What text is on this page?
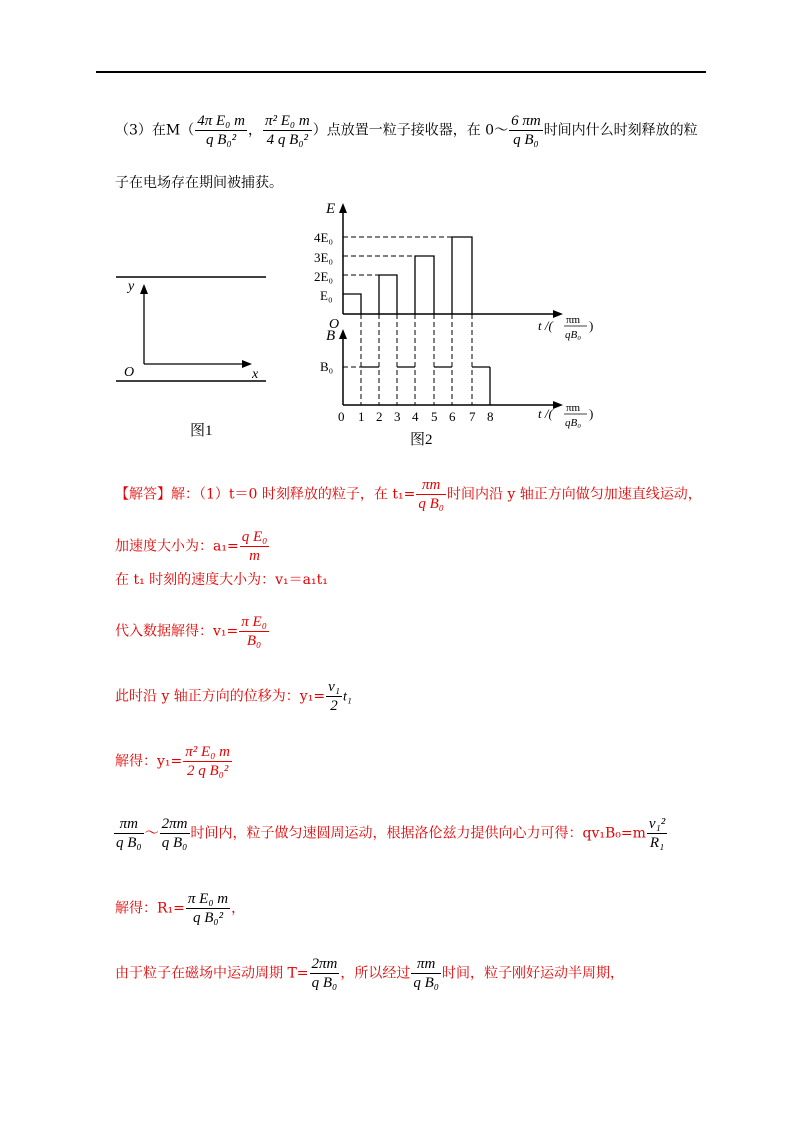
（3）在$M( \frac{\text{4π E₀ m}}{\text{q B₀²}}$ ， $\frac{\text{π² E₀ m}}{\text{4 q B₀²}}$ ）点放置一粒子接收器，在 0～ $\frac{6 \pi m}{\text{q B₀}}$ 时间内什么时刻释放的粒
子在电场存在期间被捕获。
y
x
O
图1
E
4E₀
3E₀
2E₀
E₀
O
B
B₀
0 1 2 3 4 5 6 7 8
t /( πm
qB₀
)
t /( πm
qB₀
)
图2
【解答】解：（1）t＝0 时刻释放的粒子，在 $t_1= \frac{\pi m}{\text{q B₀}}$ 时间内沿 y 轴正方向做匀加速直线运动，
加速度大小为：$a_1= \frac{\text{q E₀}}{m}$
在 t₁ 时刻的速度大小为：v₁＝a₁t₁
代入数据解得：$v_1= \frac{\text{π E₀}}{\text{B₀}}$
此时沿 y 轴正方向的位移为：$y_1= \frac{\text{v₁}}{2} t_1$
解得：$y_1= \frac{\text{π² E₀ m}}{\text{2 q B₀²}}$
$\frac{\pi m}{\text{q B₀}}$ ～ $\frac{2\pi m}{\text{q B₀}}$ 时间内，粒子做匀速圆周运动，根据洛伦兹力提供向心力可得：$qv_1B_0=m \frac{\text{v₁²}}{\text{R₁}}$
解得：$R_1= \frac{\text{π E₀ m}}{\text{q B₀²}}$ ，
由于粒子在磁场中运动周期 $T= \frac{2\pi m}{\text{q B₀}}$ ，所以经过 $\frac{\pi m}{\text{q B₀}}$ 时间，粒子刚好运动半周期，
